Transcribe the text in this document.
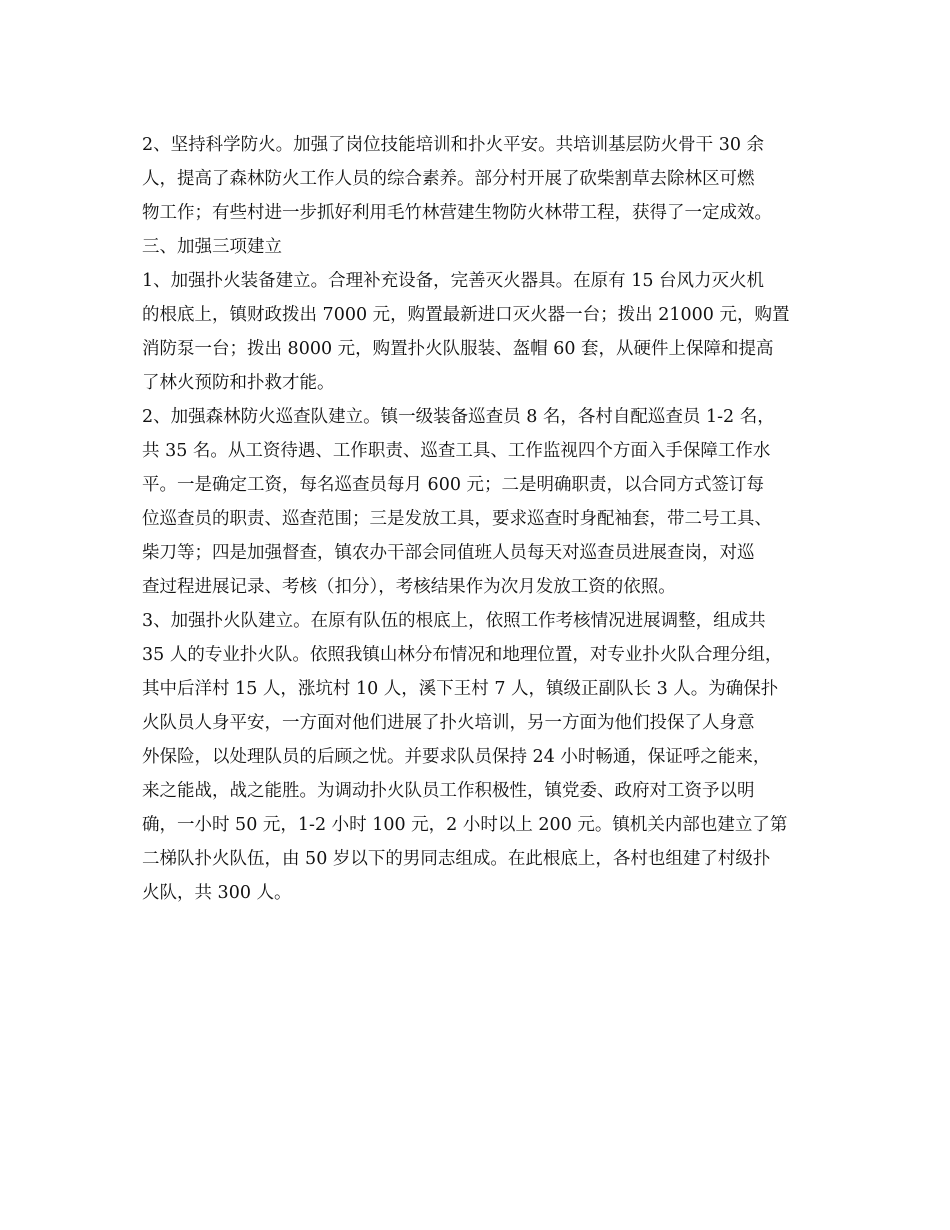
2、坚持科学防火。加强了岗位技能培训和扑火平安。共培训基层防火骨干 30 余

人，提高了森林防火工作人员的综合素养。部分村开展了砍柴割草去除林区可燃

物工作；有些村进一步抓好利用毛竹林营建生物防火林带工程，获得了一定成效。

三、加强三项建立

1、加强扑火装备建立。合理补充设备，完善灭火器具。在原有 15 台风力灭火机

的根底上，镇财政拨出 7000 元，购置最新进口灭火器一台；拨出 21000 元，购置

消防泵一台；拨出 8000 元，购置扑火队服装、盔帽 60 套，从硬件上保障和提高

了林火预防和扑救才能。

2、加强森林防火巡查队建立。镇一级装备巡查员 8 名，各村自配巡查员 1-2 名，

共 35 名。从工资待遇、工作职责、巡查工具、工作监视四个方面入手保障工作水

平。一是确定工资，每名巡查员每月 600 元；二是明确职责，以合同方式签订每

位巡查员的职责、巡查范围；三是发放工具，要求巡查时身配袖套，带二号工具、

柴刀等；四是加强督查，镇农办干部会同值班人员每天对巡查员进展查岗，对巡

查过程进展记录、考核（扣分），考核结果作为次月发放工资的依照。

3、加强扑火队建立。在原有队伍的根底上，依照工作考核情况进展调整，组成共

35 人的专业扑火队。依照我镇山林分布情况和地理位置，对专业扑火队合理分组，

其中后洋村 15 人，涨坑村 10 人，溪下王村 7 人，镇级正副队长 3 人。为确保扑

火队员人身平安，一方面对他们进展了扑火培训，另一方面为他们投保了人身意

外保险，以处理队员的后顾之忧。并要求队员保持 24 小时畅通，保证呼之能来，

来之能战，战之能胜。为调动扑火队员工作积极性，镇党委、政府对工资予以明

确，一小时 50 元，1-2 小时 100 元，2 小时以上 200 元。镇机关内部也建立了第

二梯队扑火队伍，由 50 岁以下的男同志组成。在此根底上，各村也组建了村级扑

火队，共 300 人。
